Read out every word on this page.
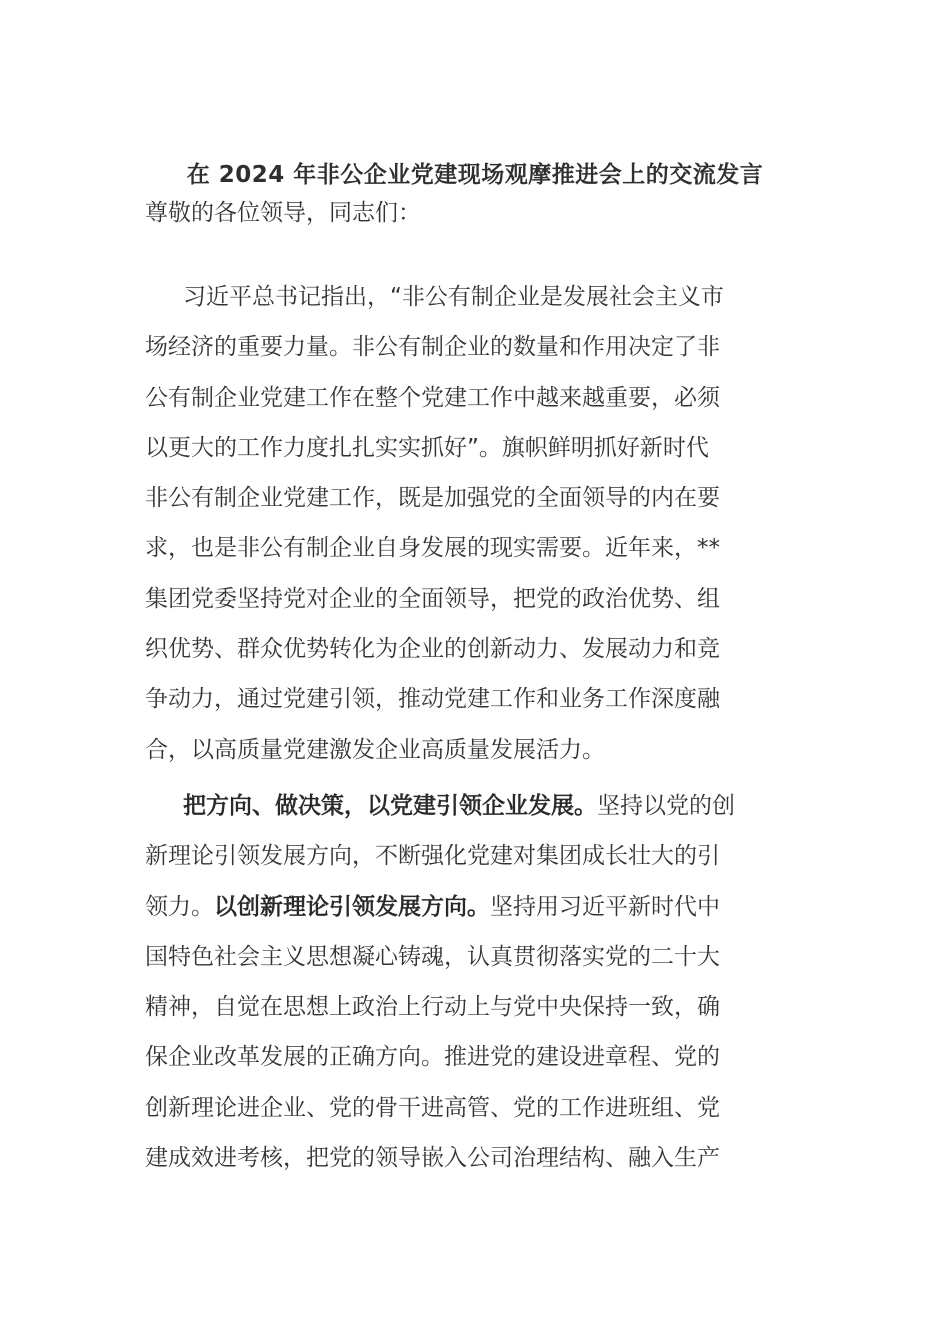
在 2024 年非公企业党建现场观摩推进会上的交流发言
尊敬的各位领导，同志们：
习近平总书记指出，“非公有制企业是发展社会主义市
场经济的重要力量。非公有制企业的数量和作用决定了非
公有制企业党建工作在整个党建工作中越来越重要，必须
以更大的工作力度扎扎实实抓好”。旗帜鲜明抓好新时代
非公有制企业党建工作，既是加强党的全面领导的内在要
求，也是非公有制企业自身发展的现实需要。近年来，**
集团党委坚持党对企业的全面领导，把党的政治优势、组
织优势、群众优势转化为企业的创新动力、发展动力和竞
争动力，通过党建引领，推动党建工作和业务工作深度融
合，以高质量党建激发企业高质量发展活力。
把方向、做决策，以党建引领企业发展。坚持以党的创
新理论引领发展方向，不断强化党建对集团成长壮大的引
领力。以创新理论引领发展方向。坚持用习近平新时代中
国特色社会主义思想凝心铸魂，认真贯彻落实党的二十大
精神，自觉在思想上政治上行动上与党中央保持一致，确
保企业改革发展的正确方向。推进党的建设进章程、党的
创新理论进企业、党的骨干进高管、党的工作进班组、党
建成效进考核，把党的领导嵌入公司治理结构、融入生产
